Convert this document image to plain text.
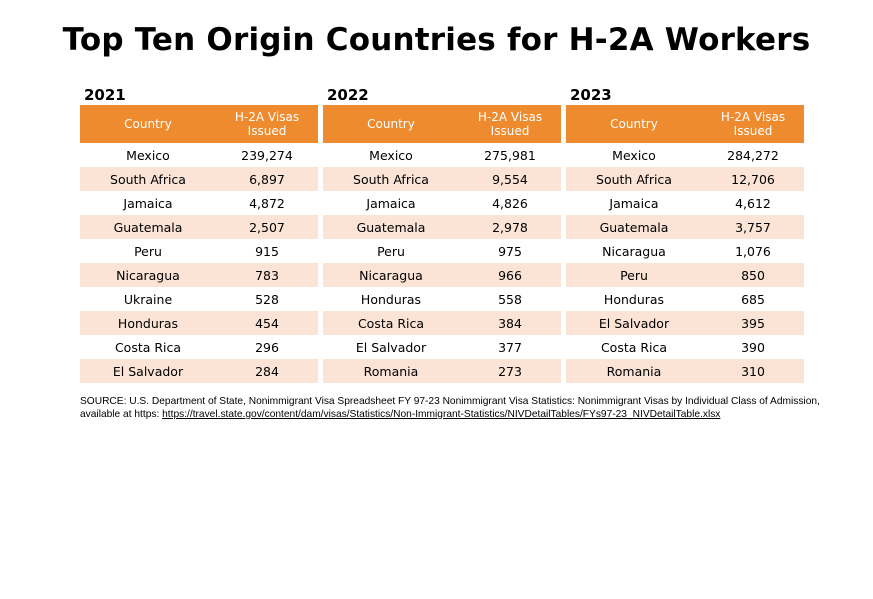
Top Ten Origin Countries for H-2A Workers
2021
Country	H-2A Visas Issued
Mexico	239,274
South Africa	6,897
Jamaica	4,872
Guatemala	2,507
Peru	915
Nicaragua	783
Ukraine	528
Honduras	454
Costa Rica	296
El Salvador	284
2022
Country	H-2A Visas Issued
Mexico	275,981
South Africa	9,554
Jamaica	4,826
Guatemala	2,978
Peru	975
Nicaragua	966
Honduras	558
Costa Rica	384
El Salvador	377
Romania	273
2023
Country	H-2A Visas Issued
Mexico	284,272
South Africa	12,706
Jamaica	4,612
Guatemala	3,757
Nicaragua	1,076
Peru	850
Honduras	685
El Salvador	395
Costa Rica	390
Romania	310
SOURCE: U.S. Department of State, Nonimmigrant Visa Spreadsheet FY 97-23 Nonimmigrant Visa Statistics: Nonimmigrant Visas by Individual Class of Admission, available at https: https://travel.state.gov/content/dam/visas/Statistics/Non-Immigrant-Statistics/NIVDetailTables/FYs97-23_NIVDetailTable.xlsx
